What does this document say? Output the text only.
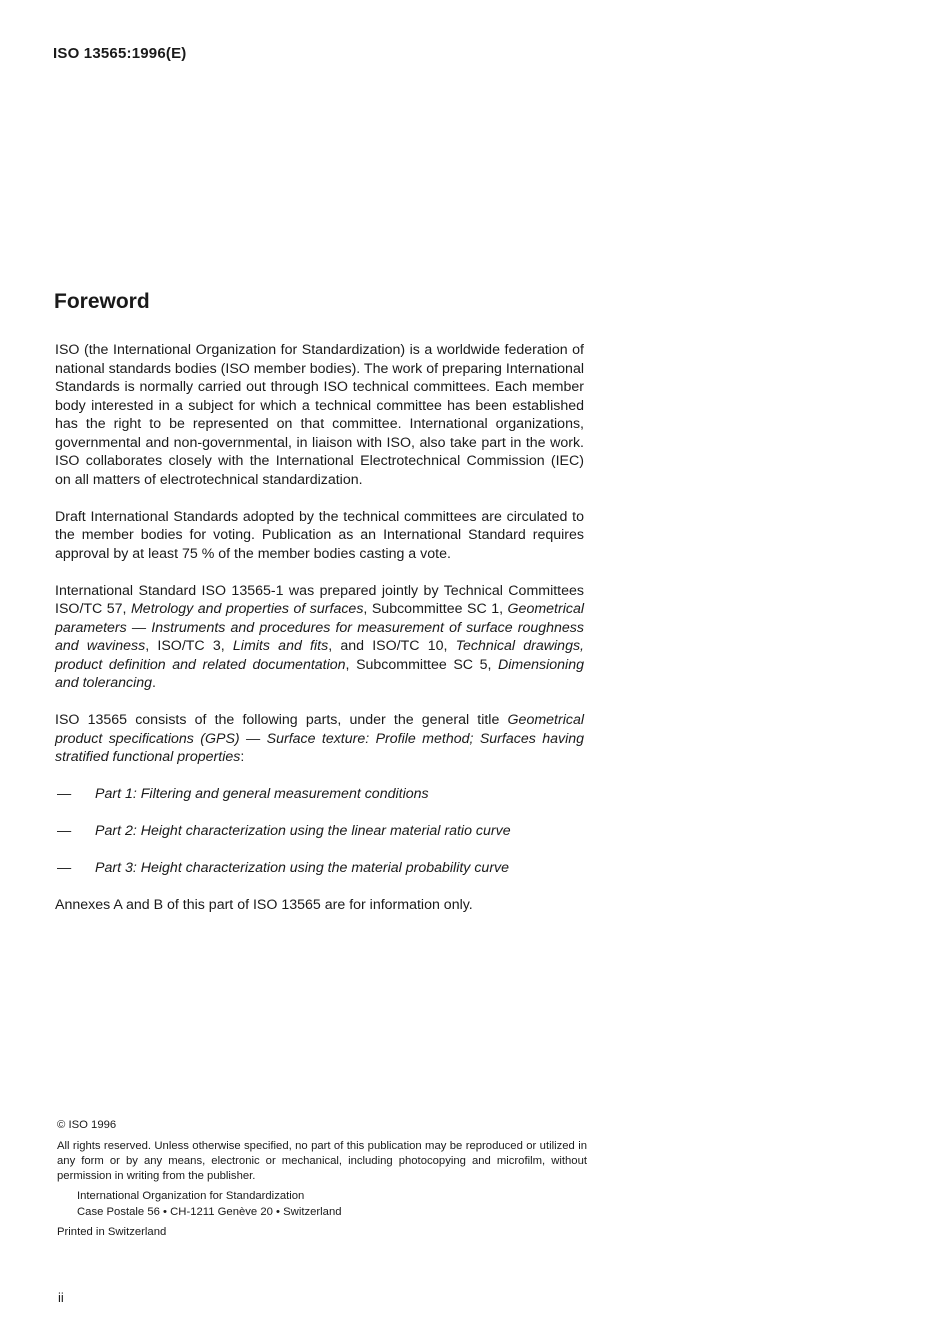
ISO 13565:1996(E)
Foreword

ISO (the International Organization for Standardization) is a worldwide federation of national standards bodies (ISO member bodies). The work of preparing International Standards is normally carried out through ISO technical committees. Each member body interested in a subject for which a technical committee has been established has the right to be represented on that committee. International organizations, governmental and non-governmental, in liaison with ISO, also take part in the work. ISO collaborates closely with the International Electrotechnical Commission (IEC) on all matters of electrotechnical standardization.

Draft International Standards adopted by the technical committees are circulated to the member bodies for voting. Publication as an International Standard requires approval by at least 75 % of the member bodies casting a vote.

International Standard ISO 13565-1 was prepared jointly by Technical Committees ISO/TC 57, Metrology and properties of surfaces, Subcommittee SC 1, Geometrical parameters — Instruments and procedures for measurement of surface roughness and waviness, ISO/TC 3, Limits and fits, and ISO/TC 10, Technical drawings, product definition and related documentation, Subcommittee SC 5, Dimensioning and tolerancing.

ISO 13565 consists of the following parts, under the general title Geometrical product specifications (GPS) — Surface texture: Profile method; Surfaces having stratified functional properties:

— Part 1: Filtering and general measurement conditions
— Part 2: Height characterization using the linear material ratio curve
— Part 3: Height characterization using the material probability curve

Annexes A and B of this part of ISO 13565 are for information only.

© ISO 1996
All rights reserved. Unless otherwise specified, no part of this publication may be reproduced or utilized in any form or by any means, electronic or mechanical, including photocopying and microfilm, without permission in writing from the publisher.
International Organization for Standardization
Case Postale 56 • CH-1211 Genève 20 • Switzerland
Printed in Switzerland
ii
